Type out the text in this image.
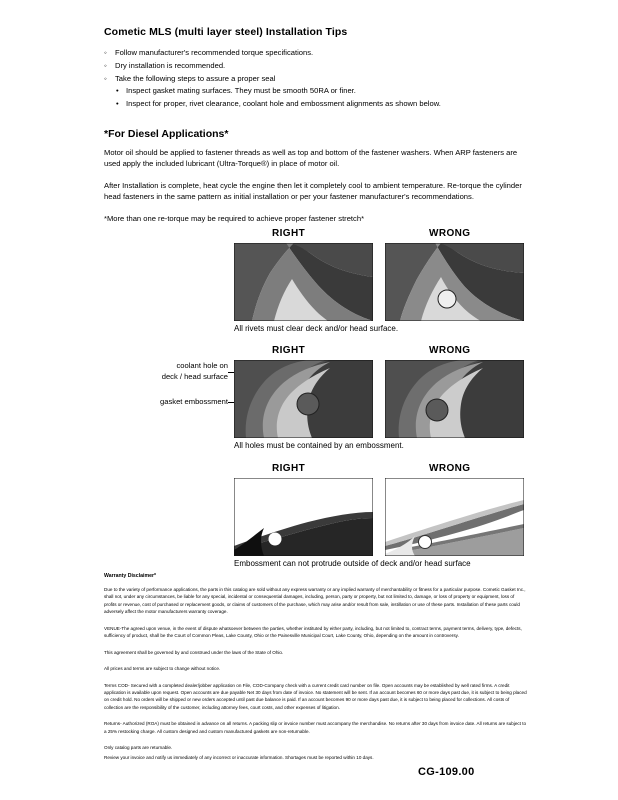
Cometic MLS (multi layer steel) Installation Tips
◦ Follow manufacturer's recommended torque specifications.
◦ Dry installation is recommended.
◦ Take the following steps to assure a proper seal
• Inspect gasket mating surfaces. They must be smooth 50RA or finer.
• Inspect for proper, rivet clearance, coolant hole and embossment alignments as shown below.
*For Diesel Applications*

Motor oil should be applied to fastener threads as well as top and bottom of the fastener washers. When ARP fasteners are used apply the included lubricant (Ultra-Torque®) in place of motor oil.

After Installation is complete, heat cycle the engine then let it completely cool to ambient temperature. Re-torque the cylinder head fasteners in the same pattern as initial installation or per your fastener manufacturer's recommendations.

*More than one re-torque may be required to achieve proper fastener stretch*

RIGHT	WRONG
All rivets must clear deck and/or head surface.
RIGHT	WRONG
coolant hole on
deck / head surface
gasket embossment
All holes must be contained by an embossment.
RIGHT	WRONG
Embossment can not protrude outside of deck and/or head surface
Warranty Disclaimer*

Due to the variety of performance applications, the parts in this catalog are sold without any express warranty or any implied warranty of merchantability or fitness for a particular purpose. Cometic Gasket Inc., shall not, under any circumstances, be liable for any special, incidental or consequential damages, including, person, party or property, but not limited to, damage, or loss of property or equipment, loss of profits or revenue, cost of purchased or replacement goods, or claims of customers of the purchase, which may arise and/or result from sale, instillation or use of these parts. Installation of these parts could adversely affect the motor manufacturers warranty coverage.

VENUE-The agreed upon venue, in the event of dispute whatsoever between the parties, whether instituted by either party, including, but not limited to, contract terms, payment terms, delivery, type, defects, sufficiency of product, shall be the Court of Common Pleas, Lake County, Ohio or the Painesville Municipal Court, Lake County, Ohio, depending on the amount in controversy.

This agreement shall be governed by and construed under the laws of the State of Ohio.

All prices and terms are subject to change without notice.

Terms COD- Secured with a completed dealer/jobber application on File, COD-Company check with a current credit card number on file. Open accounts may be established by well rated firms. A credit application is available upon request. Open accounts are due payable Net 30 days from date of invoice. No statement will be sent. If an account becomes 60 or more days past due, it is subject to being placed on credit hold. No orders will be shipped or new orders accepted until past due balance is paid. If an account becomes 90 or more days past due, it is subject to being placed for collections. All costs of collection are the responsibility of the customer, including attorney fees, court costs, and other expenses of litigation.

Returns- Authorized (ROA) must be obtained in advance on all returns. A packing slip or invoice number must accompany the merchandise. No returns after 30 days from invoice date. All returns are subject to a 25% restocking charge. All custom designed and custom manufactured gaskets are non-returnable.

Only catalog parts are returnable.

Review your invoice and notify us immediately of any incorrect or inaccurate information. Shortages must be reported within 10 days.

CG-109.00
